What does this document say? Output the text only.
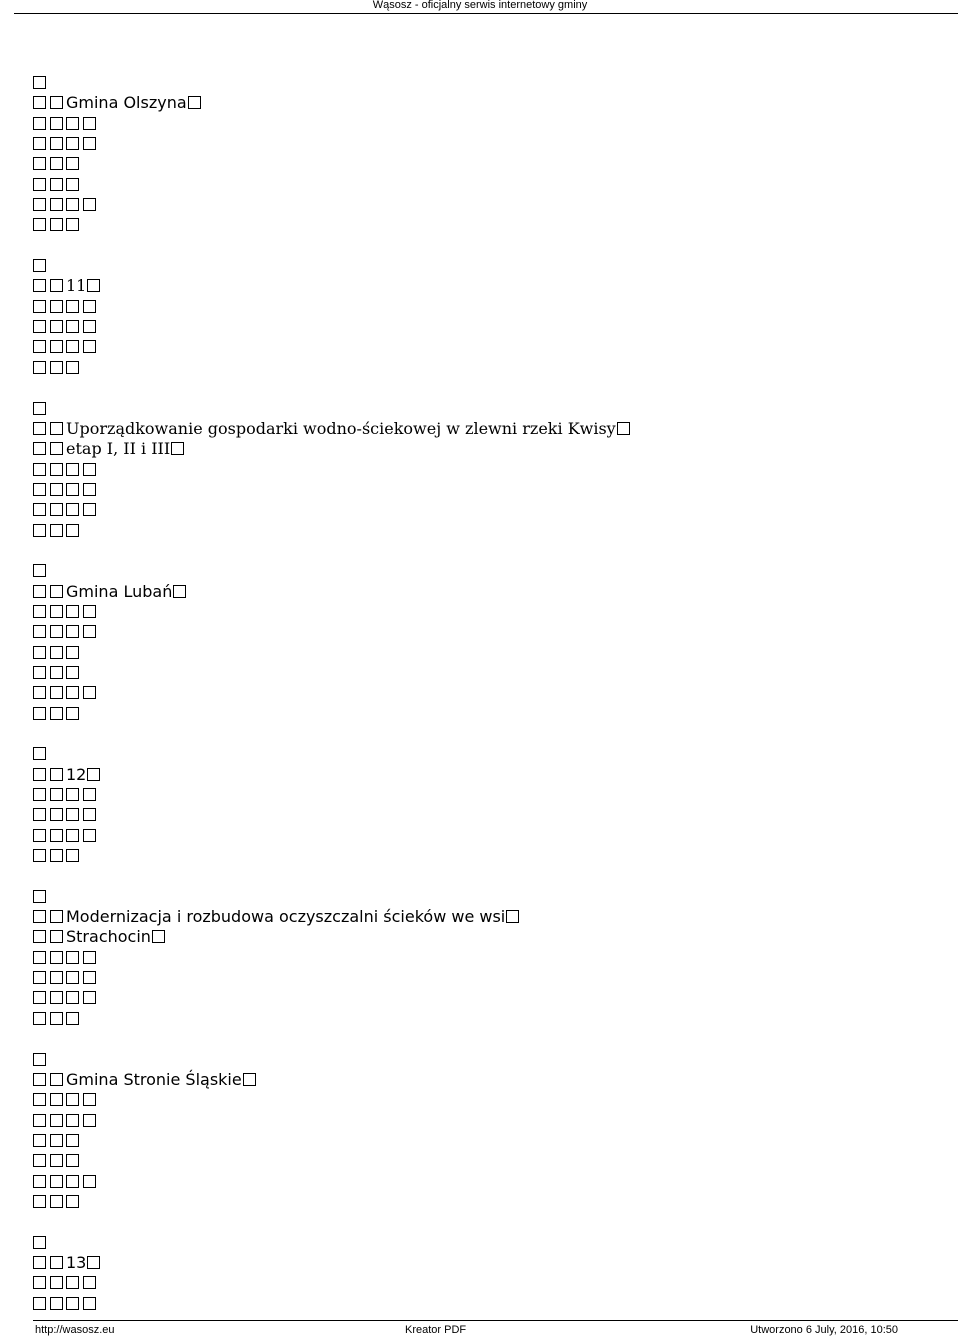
Wąsosz - oficjalny serwis internetowy gminy
Gmina Olszyna
11
Uporządkowanie gospodarki wodno-ściekowej w zlewni rzeki Kwisy
etap I, II i III
Gmina Lubań
12
Modernizacja i rozbudowa oczyszczalni ścieków we wsi
Strachocin
Gmina Stronie Śląskie
13
http://wasosz.eu	Kreator PDF	Utworzono 6 July, 2016, 10:50
